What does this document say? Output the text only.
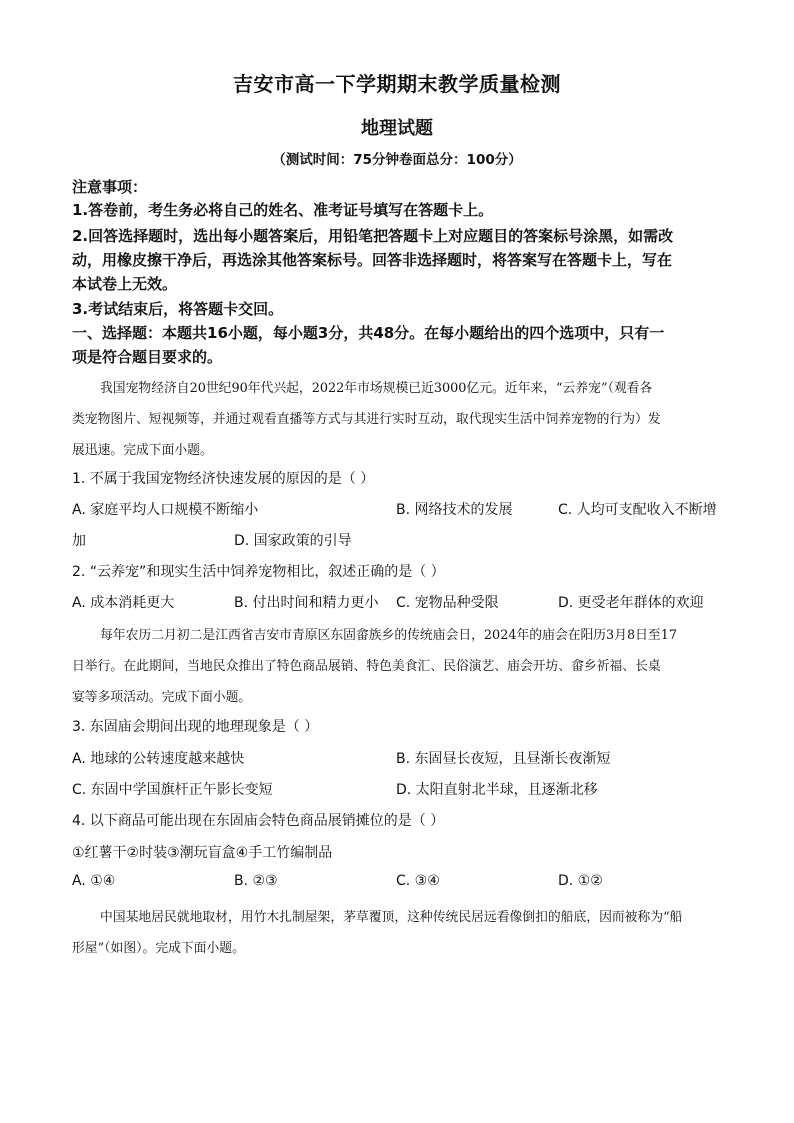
吉安市高一下学期期末教学质量检测
地理试题
（测试时间：75分钟卷面总分：100分）
注意事项：
1.答卷前，考生务必将自己的姓名、准考证号填写在答题卡上。
2.回答选择题时，选出每小题答案后，用铅笔把答题卡上对应题目的答案标号涂黑，如需改
动，用橡皮擦干净后，再选涂其他答案标号。回答非选择题时，将答案写在答题卡上，写在
本试卷上无效。
3.考试结束后，将答题卡交回。
一、选择题：本题共16小题，每小题3分，共48分。在每小题给出的四个选项中，只有一
项是符合题目要求的。
我国宠物经济自20世纪90年代兴起，2022年市场规模已近3000亿元。近年来，“云养宠”（观看各
类宠物图片、短视频等，并通过观看直播等方式与其进行实时互动，取代现实生活中饲养宠物的行为）发
展迅速。完成下面小题。
1. 不属于我国宠物经济快速发展的原因的是（ ）
A. 家庭平均人口规模不断缩小	B. 网络技术的发展	C. 人均可支配收入不断增
加	D. 国家政策的引导
2. “云养宠”和现实生活中饲养宠物相比，叙述正确的是（ ）
A. 成本消耗更大	B. 付出时间和精力更小 C. 宠物品种受限	D. 更受老年群体的欢迎
每年农历二月初二是江西省吉安市青原区东固畲族乡的传统庙会日，2024年的庙会在阳历3月8日至17
日举行。在此期间，当地民众推出了特色商品展销、特色美食汇、民俗演艺、庙会开坊、畲乡祈福、长桌
宴等多项活动。完成下面小题。
3. 东固庙会期间出现的地理现象是（ ）
A. 地球的公转速度越来越快	B. 东固昼长夜短，且昼渐长夜渐短
C. 东固中学国旗杆正午影长变短	D. 太阳直射北半球，且逐渐北移
4. 以下商品可能出现在东固庙会特色商品展销摊位的是（ ）
①红薯干②时装③潮玩盲盒④手工竹编制品
A. ①④	B. ②③	C. ③④	D. ①②
中国某地居民就地取材，用竹木扎制屋架，茅草覆顶，这种传统民居远看像倒扣的船底，因而被称为“船
形屋”（如图）。完成下面小题。
